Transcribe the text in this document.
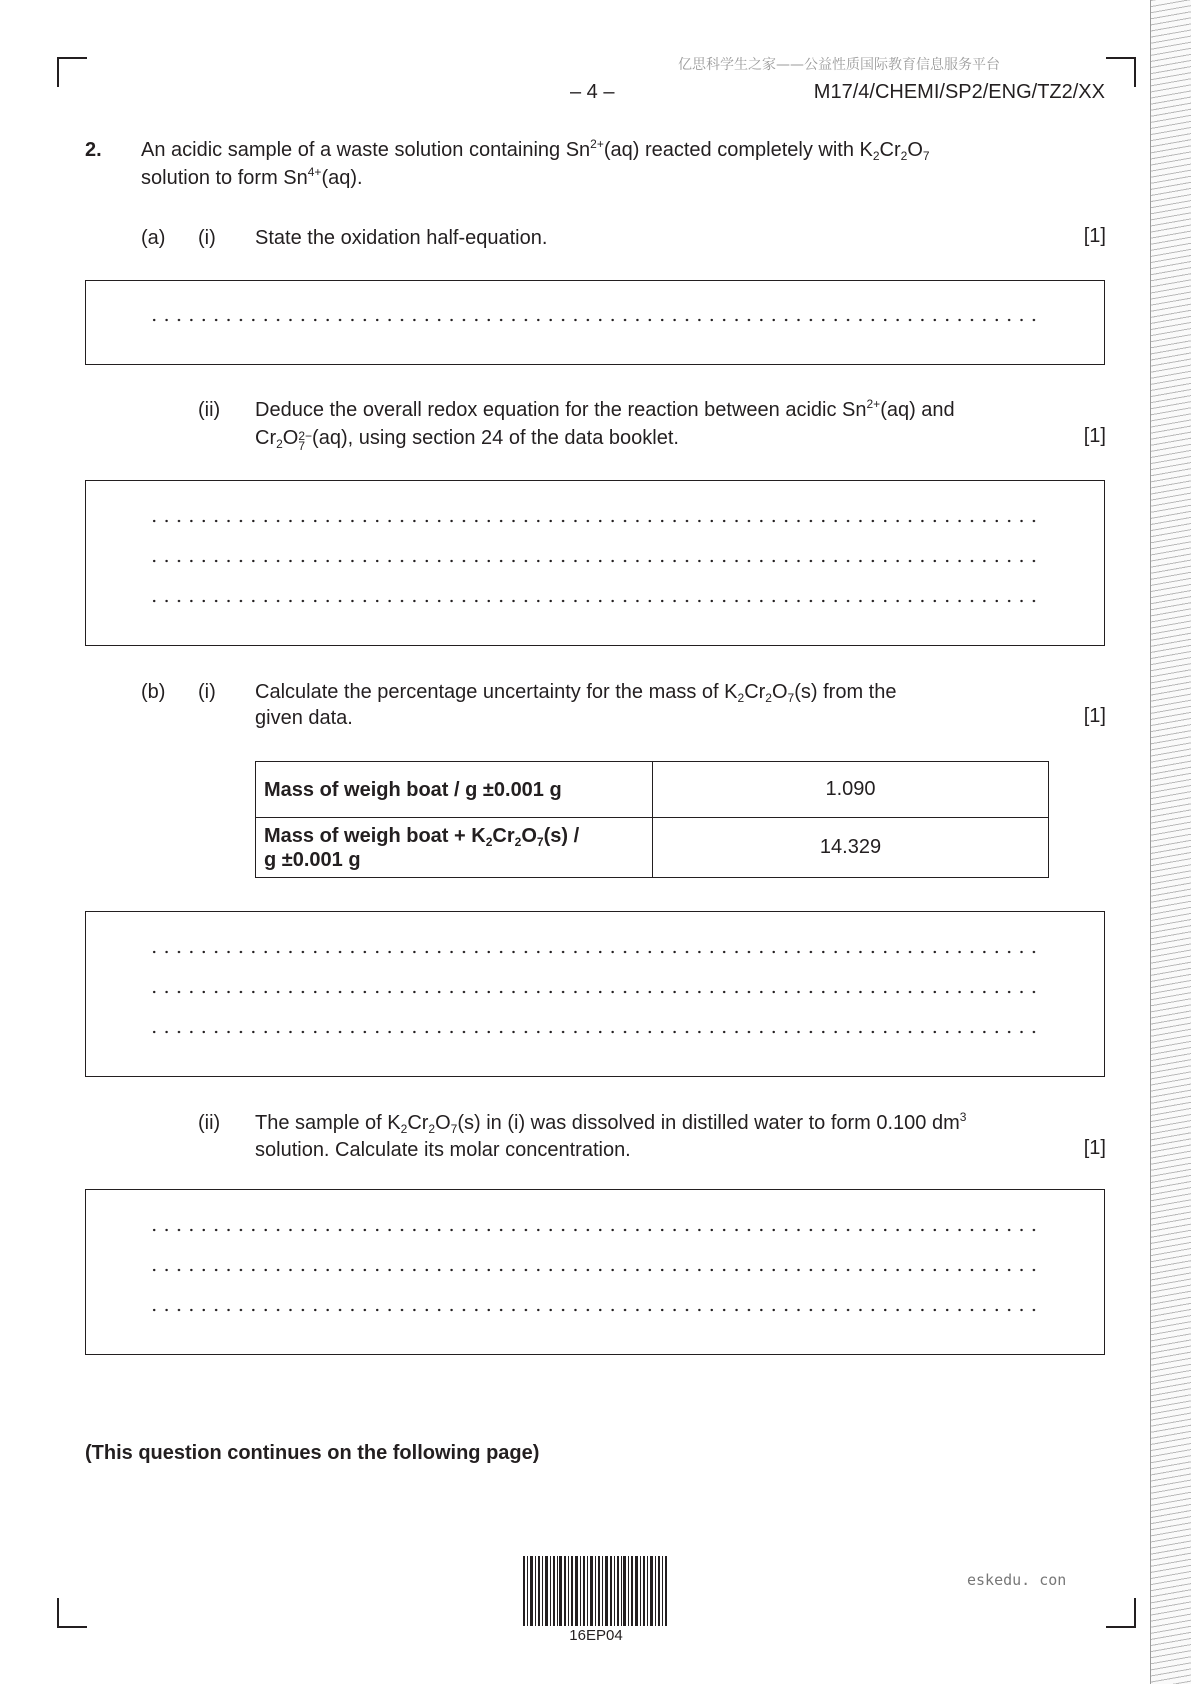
亿思科学生之家——公益性质国际教育信息服务平台
– 4 –	M17/4/CHEMI/SP2/ENG/TZ2/XX
2. An acidic sample of a waste solution containing $Sn^{2+}(aq)$ reacted completely with $K_2Cr_2O_7$
solution to form $Sn^{4+}(aq)$.
(a) (i) State the oxidation half-equation.	[1]
(ii) Deduce the overall redox equation for the reaction between acidic $Sn^{2+}(aq)$ and
$Cr_2O2-$
7 (aq), using section 24 of the data booklet.	[1]
(b) (i) Calculate the percentage uncertainty for the mass of $K_2Cr_2O_7(s)$ from the
given data.	[1]
Mass of weigh boat / g ±0.001 g	1.090
Mass of weigh boat + $K_2Cr_2O_7(s)$ /
g ±0.001 g	14.329
(ii) The sample of $K_2Cr_2O_7(s)$ in (i) was dissolved in distilled water to form 0.100 $dm^3$
solution. Calculate its molar concentration.	[1]
(This question continues on the following page)
16EP04
eskedu. con
